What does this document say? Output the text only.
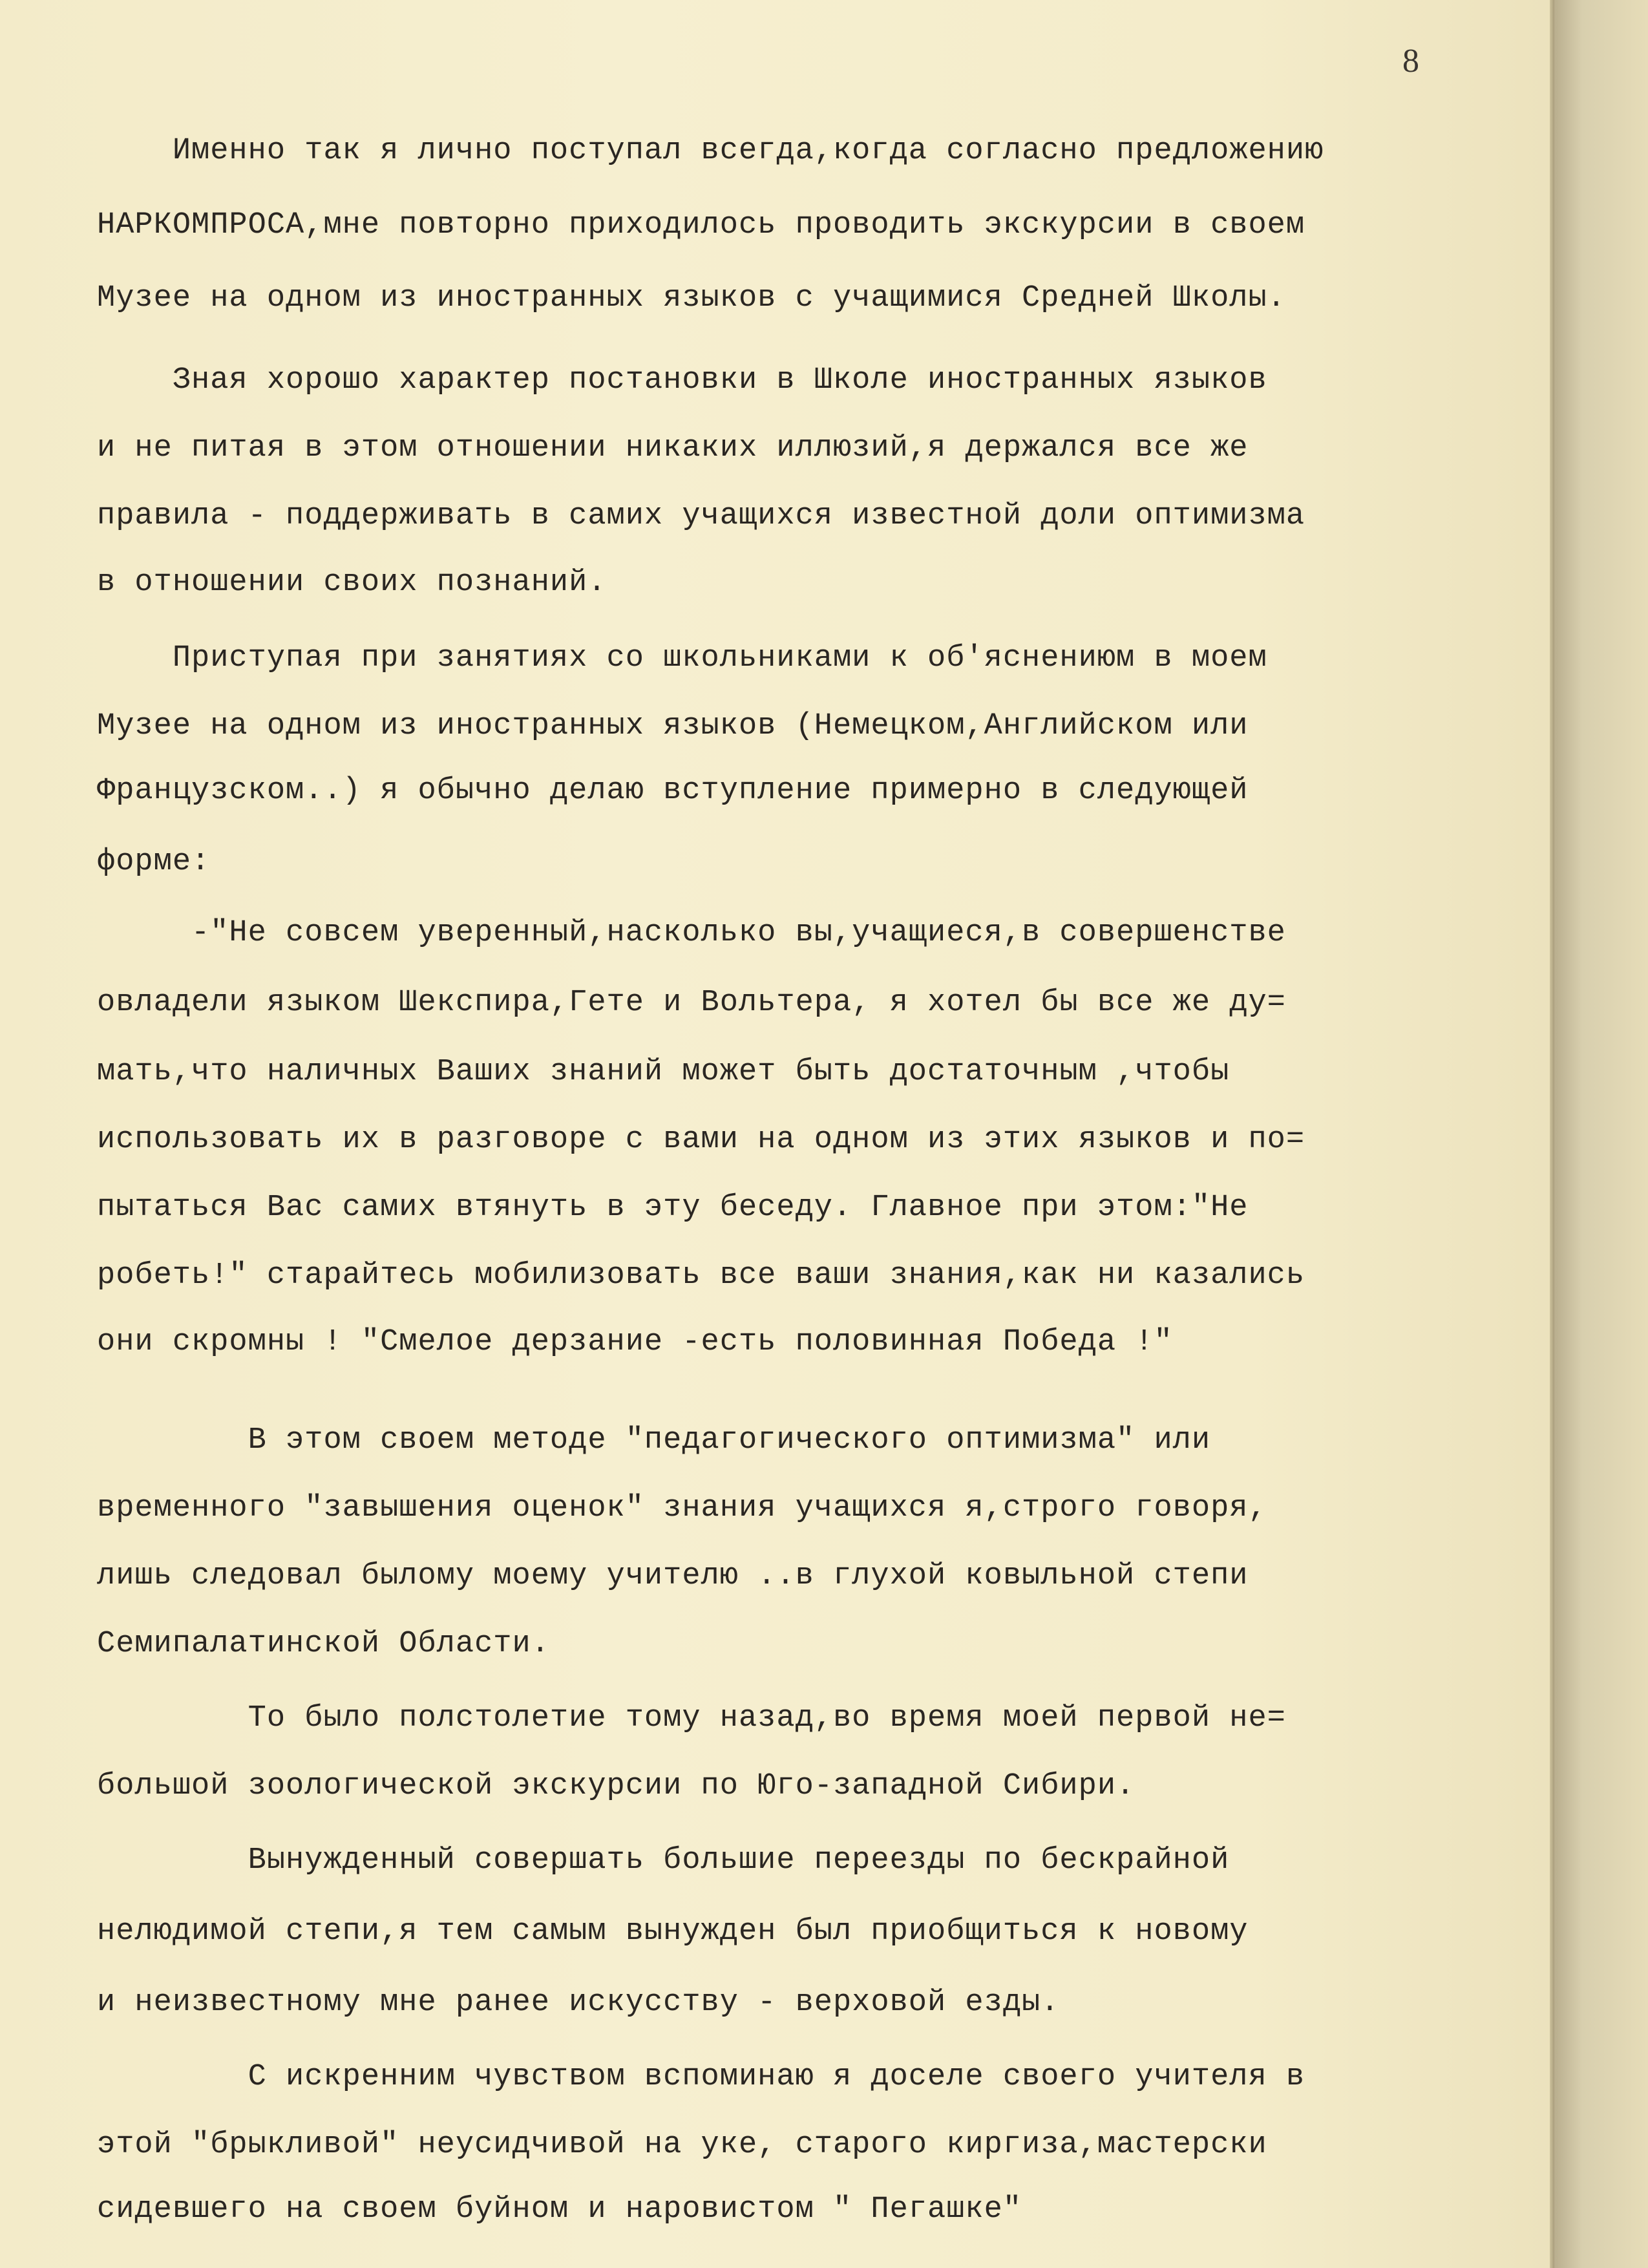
8
Именно так я лично поступал всегда,когда согласно предложению
НАРКОМПРОСА,мне повторно приходилось проводить экскурсии в своем
Музее на одном из иностранных языков с учащимися Средней Школы.
Зная хорошо характер постановки в Школе иностранных языков
и не питая в этом отношении никаких иллюзий,я держался все же
правила - поддерживать в самих учащихся известной доли оптимизма
в отношении своих познаний.
Приступая при занятиях со школьниками к об'яснениюм в моем
Музее на одном из иностранных языков (Немецком,Английском или
Французском..) я обычно делаю вступление примерно в следующей
форме:
-"Не совсем уверенный,насколько вы,учащиеся,в совершенстве
овладели языком Шекспира,Гете и Вольтера, я хотел бы все же ду=
мать,что наличных Ваших знаний может быть достаточным ,чтобы
использовать их в разговоре с вами на одном из этих языков и по=
пытаться Вас самих втянуть в эту беседу. Главное при этом:"Не
робеть!" старайтесь мобилизовать все ваши знания,как ни казались
они скромны ! "Смелое дерзание -есть половинная Победа !"
В этом своем методе "педагогического оптимизма" или
временного "завышения оценок" знания учащихся я,строго говоря,
лишь следовал былому моему учителю ..в глухой ковыльной степи
Семипалатинской Области.
То было полстолетие тому назад,во время моей первой не=
большой зоологической экскурсии по Юго-западной Сибири.
Вынужденный совершать большие переезды по бескрайной
нелюдимой степи,я тем самым вынужден был приобщиться к новому
и неизвестному мне ранее искусству - верховой езды.
С искренним чувством вспоминаю я доселе своего учителя в
этой "брыкливой" неусидчивой на уке, старого киргиза,мастерски
сидевшего на своем буйном и наровистом " Пегашке"
